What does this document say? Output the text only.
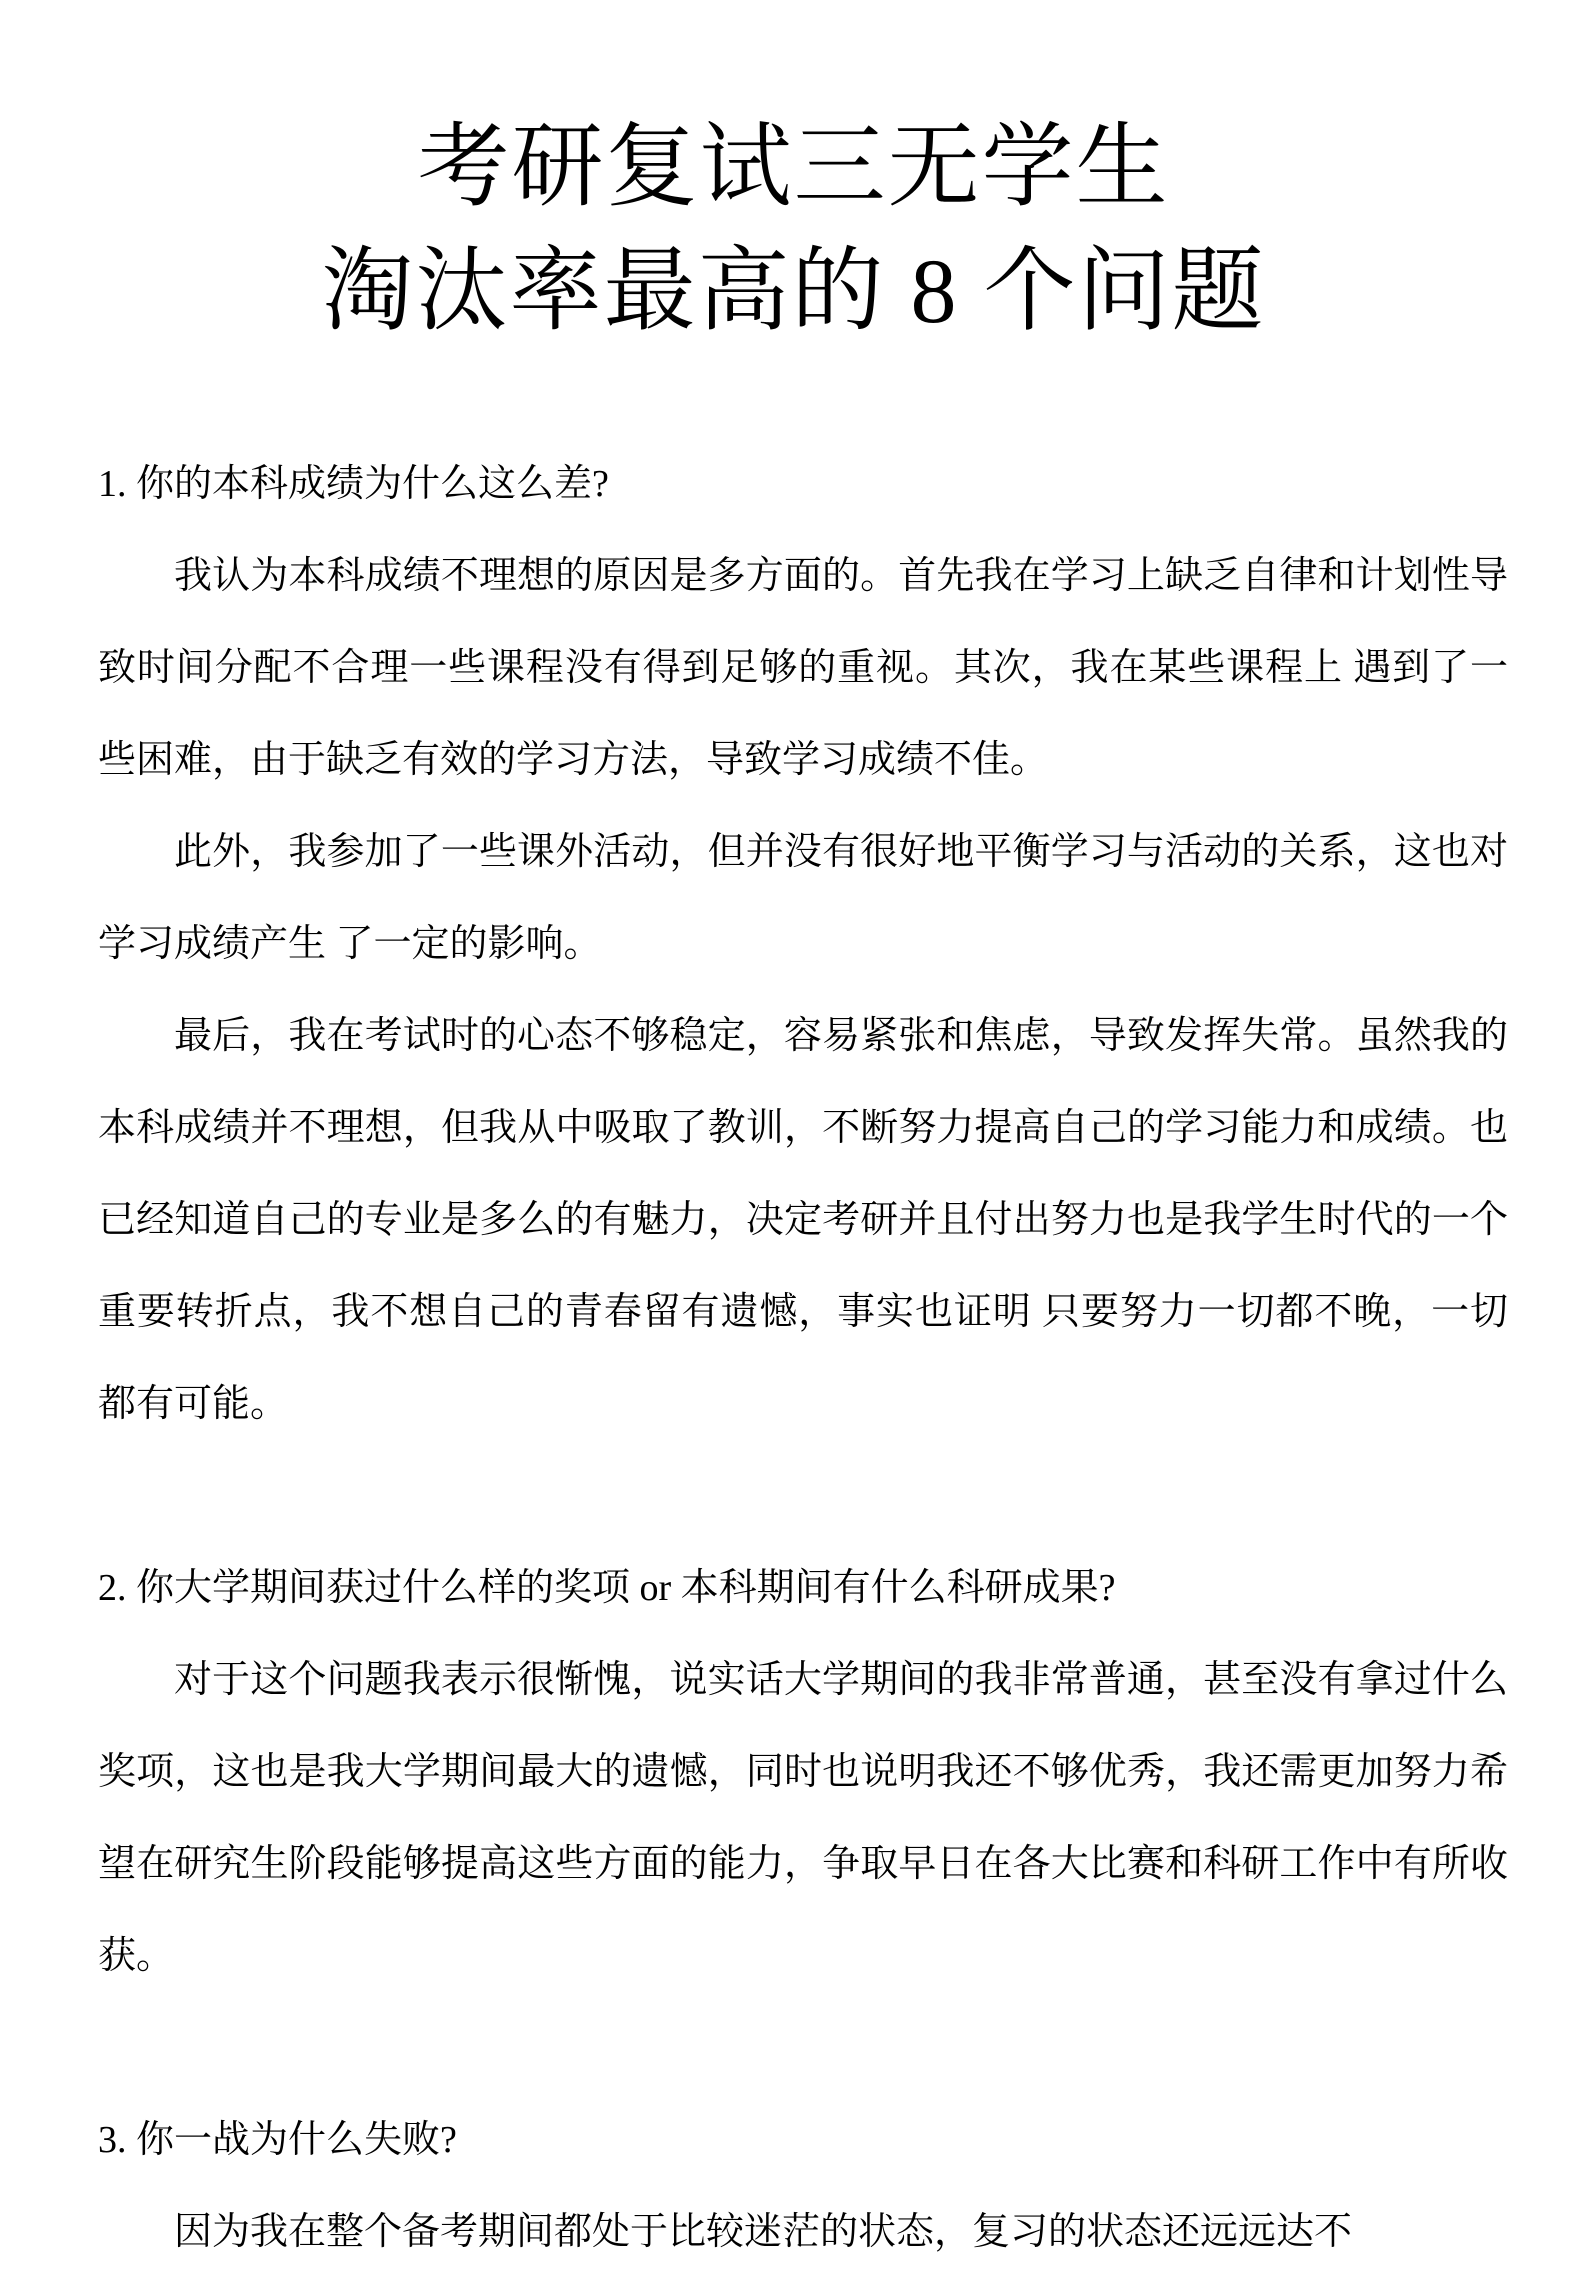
考研复试三无学生
淘汰率最高的 8 个问题

1. 你的本科成绩为什么这么差?

我认为本科成绩不理想的原因是多方面的。首先我在学习上缺乏自律和计划性导致时间分配不合理一些课程没有得到足够的重视。其次，我在某些课程上 遇到了一些困难，由于缺乏有效的学习方法，导致学习成绩不佳。

此外，我参加了一些课外活动，但并没有很好地平衡学习与活动的关系，这也对学习成绩产生 了一定的影响。

最后，我在考试时的心态不够稳定，容易紧张和焦虑，导致发挥失常。虽然我的本科成绩并不理想，但我从中吸取了教训，不断努力提高自己的学习能力和成绩。也已经知道自己的专业是多么的有魅力，决定考研并且付出努力也是我学生时代的一个重要转折点，我不想自己的青春留有遗憾，事实也证明 只要努力一切都不晚，一切都有可能。

2. 你大学期间获过什么样的奖项 or 本科期间有什么科研成果?

对于这个问题我表示很惭愧，说实话大学期间的我非常普通，甚至没有拿过什么奖项，这也是我大学期间最大的遗憾，同时也说明我还不够优秀，我还需更加努力希望在研究生阶段能够提高这些方面的能力，争取早日在各大比赛和科研工作中有所收获。

3. 你一战为什么失败?

因为我在整个备考期间都处于比较迷茫的状态，复习的状态还远远达不
